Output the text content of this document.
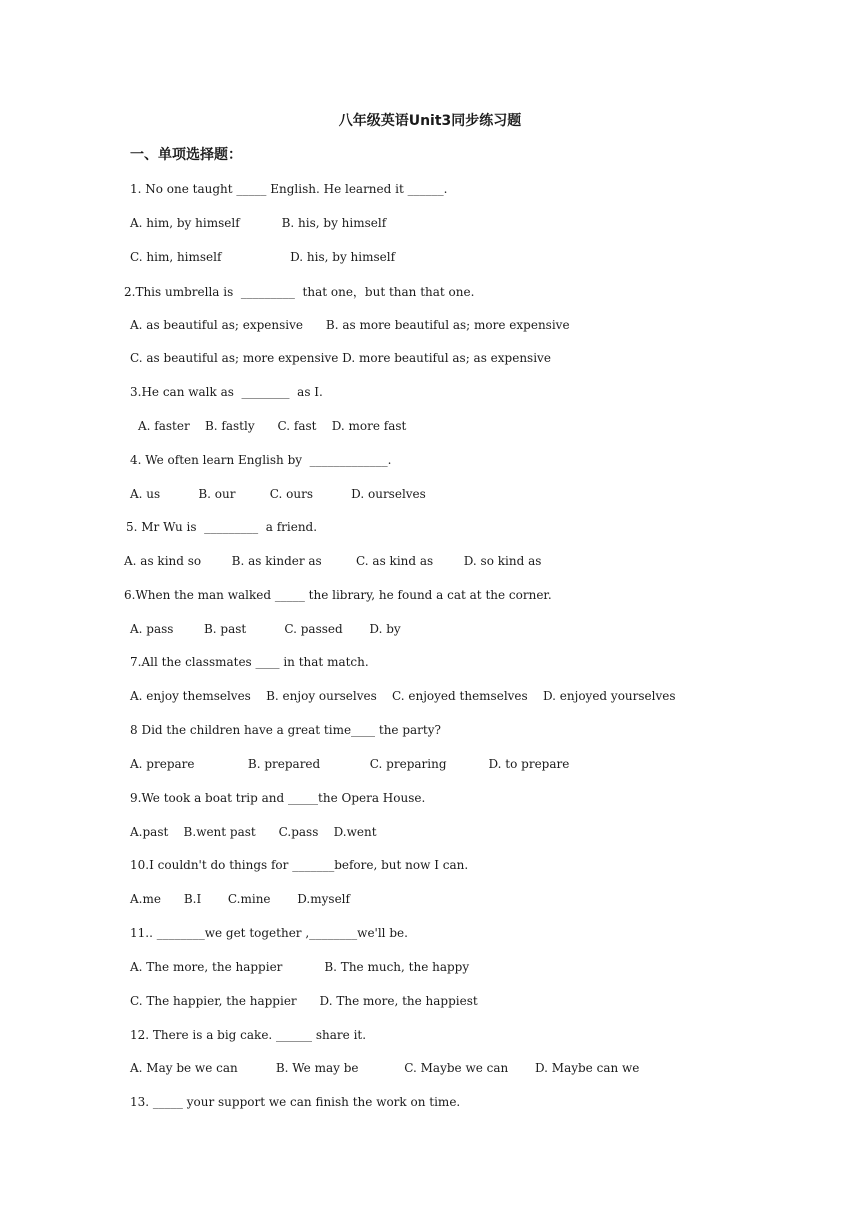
八年级英语Unit3同步练习题
一、单项选择题：
1. No one taught _____ English. He learned it ______.
A. him, by himself           B. his, by himself
C. him, himself                  D. his, by himself
2.This umbrella is  _________  that one，but than that one.
A. as beautiful as; expensive      B. as more beautiful as; more expensive
C. as beautiful as; more expensive D. more beautiful as; as expensive
3.He can walk as  ________  as I.
A. faster    B. fastly      C. fast    D. more fast
4. We often learn English by  _____________.
A. us          B. our         C. ours          D. ourselves
5. Mr Wu is  _________  a friend.
A. as kind so        B. as kinder as         C. as kind as        D. so kind as
6.When the man walked _____ the library, he found a cat at the corner.
A. pass        B. past          C. passed       D. by
7.All the classmates ____ in that match.
A. enjoy themselves    B. enjoy ourselves    C. enjoyed themselves    D. enjoyed yourselves
8 Did the children have a great time____ the party?
A. prepare              B. prepared             C. preparing           D. to prepare
9.We took a boat trip and _____the Opera House.
A.past    B.went past      C.pass    D.went
10.I couldn't do things for _______before, but now I can.
A.me      B.I       C.mine       D.myself
11.. ________we get together ,________we'll be.
A. The more, the happier           B. The much, the happy
C. The happier, the happier      D. The more, the happiest
12. There is a big cake. ______ share it.
A. May be we can          B. We may be            C. Maybe we can       D. Maybe can we
13. _____ your support we can finish the work on time.
